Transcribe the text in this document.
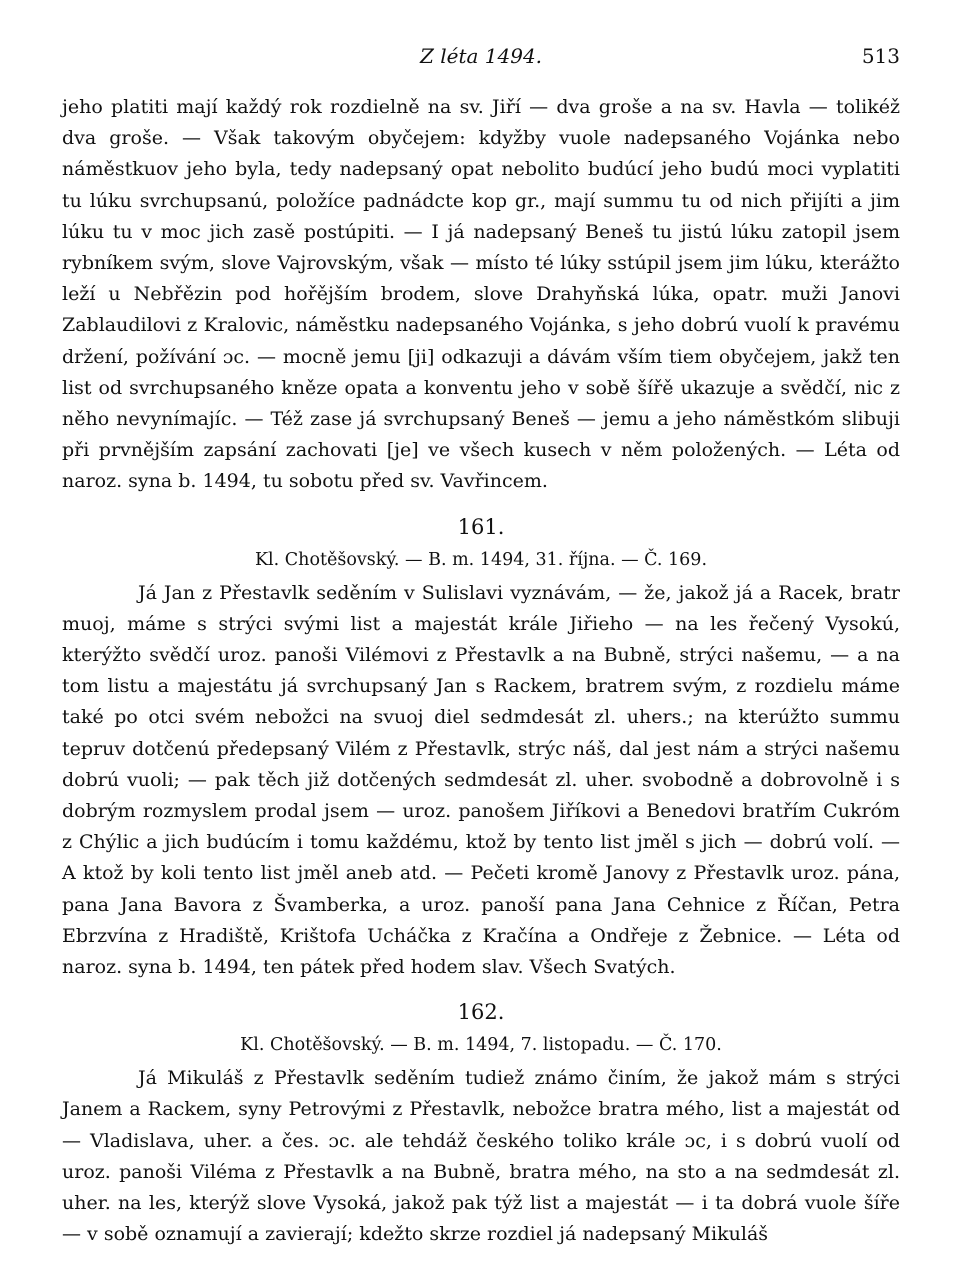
Z léta 1494.	513

jeho platiti mají každý rok rozdielně na sv. Jiří — dva groše a na sv. Havla — tolikéž dva groše. — Však takovým obyčejem: kdyžby vuole nadepsaného Vojánka nebo náměstkuov jeho byla, tedy nadepsaný opat nebolito budúcí jeho budú moci vyplatiti tu lúku svrchupsanú, položíce padnádcte kop gr., mají summu tu od nich přijíti a jim lúku tu v moc jich zasě postúpiti. — I já nadepsaný Beneš tu jistú lúku zatopil jsem rybníkem svým, slove Vajrovským, však — místo té lúky sstúpil jsem jim lúku, kterážto leží u Nebřězin pod hořějším brodem, slove Drahyňská lúka, opatr. muži Janovi Zablaudilovi z Kralovic, náměstku nadepsaného Vojánka, s jeho dobrú vuolí k pravému držení, požívání ɔc. — mocně jemu [ji] odkazuji a dávám vším tiem obyčejem, jakž ten list od svrchupsaného kněze opata a konventu jeho v sobě šířě ukazuje a svědčí, nic z něho nevynímajíc. — Též zase já svrchupsaný Beneš — jemu a jeho náměstkóm slibuji při prvnějším zapsání zachovati [je] ve všech kusech v něm položených. — Léta od naroz. syna b. 1494, tu sobotu před sv. Vavřincem.

161.
Kl. Chotěšovský. — B. m. 1494, 31. října. — Č. 169.

Já Jan z Přestavlk seděním v Sulislavi vyznávám, — že, jakož já a Racek, bratr muoj, máme s strýci svými list a majestát krále Jiřieho — na les řečený Vysokú, kterýžto svědčí uroz. panoši Vilémovi z Přestavlk a na Bubně, strýci našemu, — a na tom listu a majestátu já svrchupsaný Jan s Rackem, bratrem svým, z rozdielu máme také po otci svém nebožci na svuoj diel sedmdesát zl. uhers.; na kterúžto summu tepruv dotčenú předepsaný Vilém z Přestavlk, strýc náš, dal jest nám a strýci našemu dobrú vuoli; — pak těch již dotčených sedmdesát zl. uher. svobodně a dobrovolně i s dobrým rozmyslem prodal jsem — uroz. panošem Jiříkovi a Benedovi bratřím Cukróm z Chýlic a jich budúcím i tomu každému, ktož by tento list jměl s jich — dobrú volí. — A ktož by koli tento list jměl aneb atd. — Pečeti kromě Janovy z Přestavlk uroz. pána, pana Jana Bavora z Švamberka, a uroz. panoší pana Jana Cehnice z Říčan, Petra Ebrzvína z Hradiště, Krištofa Ucháčka z Kračína a Ondřeje z Žebnice. — Léta od naroz. syna b. 1494, ten pátek před hodem slav. Všech Svatých.

162.
Kl. Chotěšovský. — B. m. 1494, 7. listopadu. — Č. 170.

Já Mikuláš z Přestavlk seděním tudiež známo činím, že jakož mám s strýci Janem a Rackem, syny Petrovými z Přestavlk, nebožce bratra mého, list a majestát od — Vladislava, uher. a čes. ɔc. ale tehdáž českého toliko krále ɔc, i s dobrú vuolí od uroz. panoši Viléma z Přestavlk a na Bubně, bratra mého, na sto a na sedmdesát zl. uher. na les, kterýž slove Vysoká, jakož pak týž list a majestát — i ta dobrá vuole šíře — v sobě oznamují a zavierají; kdežto skrze rozdiel já nadepsaný Mikuláš
